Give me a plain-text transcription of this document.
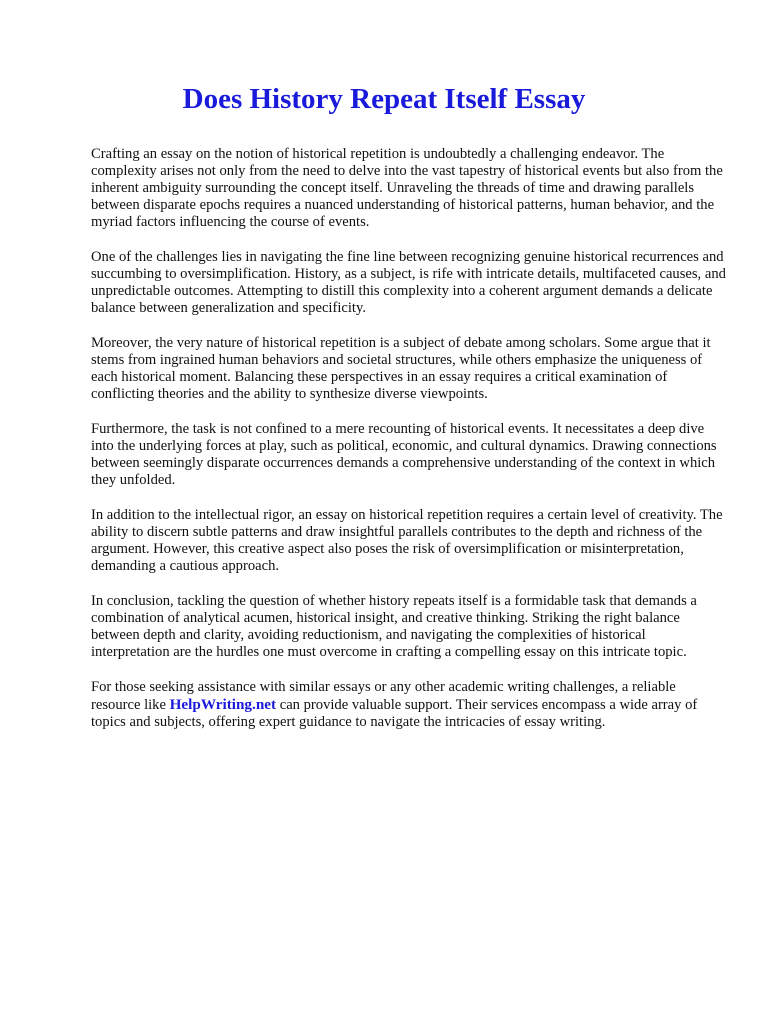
Does History Repeat Itself Essay

Crafting an essay on the notion of historical repetition is undoubtedly a challenging endeavor. The complexity arises not only from the need to delve into the vast tapestry of historical events but also from the inherent ambiguity surrounding the concept itself. Unraveling the threads of time and drawing parallels between disparate epochs requires a nuanced understanding of historical patterns, human behavior, and the myriad factors influencing the course of events.

One of the challenges lies in navigating the fine line between recognizing genuine historical recurrences and succumbing to oversimplification. History, as a subject, is rife with intricate details, multifaceted causes, and unpredictable outcomes. Attempting to distill this complexity into a coherent argument demands a delicate balance between generalization and specificity.

Moreover, the very nature of historical repetition is a subject of debate among scholars. Some argue that it stems from ingrained human behaviors and societal structures, while others emphasize the uniqueness of each historical moment. Balancing these perspectives in an essay requires a critical examination of conflicting theories and the ability to synthesize diverse viewpoints.

Furthermore, the task is not confined to a mere recounting of historical events. It necessitates a deep dive into the underlying forces at play, such as political, economic, and cultural dynamics. Drawing connections between seemingly disparate occurrences demands a comprehensive understanding of the context in which they unfolded.

In addition to the intellectual rigor, an essay on historical repetition requires a certain level of creativity. The ability to discern subtle patterns and draw insightful parallels contributes to the depth and richness of the argument. However, this creative aspect also poses the risk of oversimplification or misinterpretation, demanding a cautious approach.

In conclusion, tackling the question of whether history repeats itself is a formidable task that demands a combination of analytical acumen, historical insight, and creative thinking. Striking the right balance between depth and clarity, avoiding reductionism, and navigating the complexities of historical interpretation are the hurdles one must overcome in crafting a compelling essay on this intricate topic.

For those seeking assistance with similar essays or any other academic writing challenges, a reliable resource like HelpWriting.net can provide valuable support. Their services encompass a wide array of topics and subjects, offering expert guidance to navigate the intricacies of essay writing.
